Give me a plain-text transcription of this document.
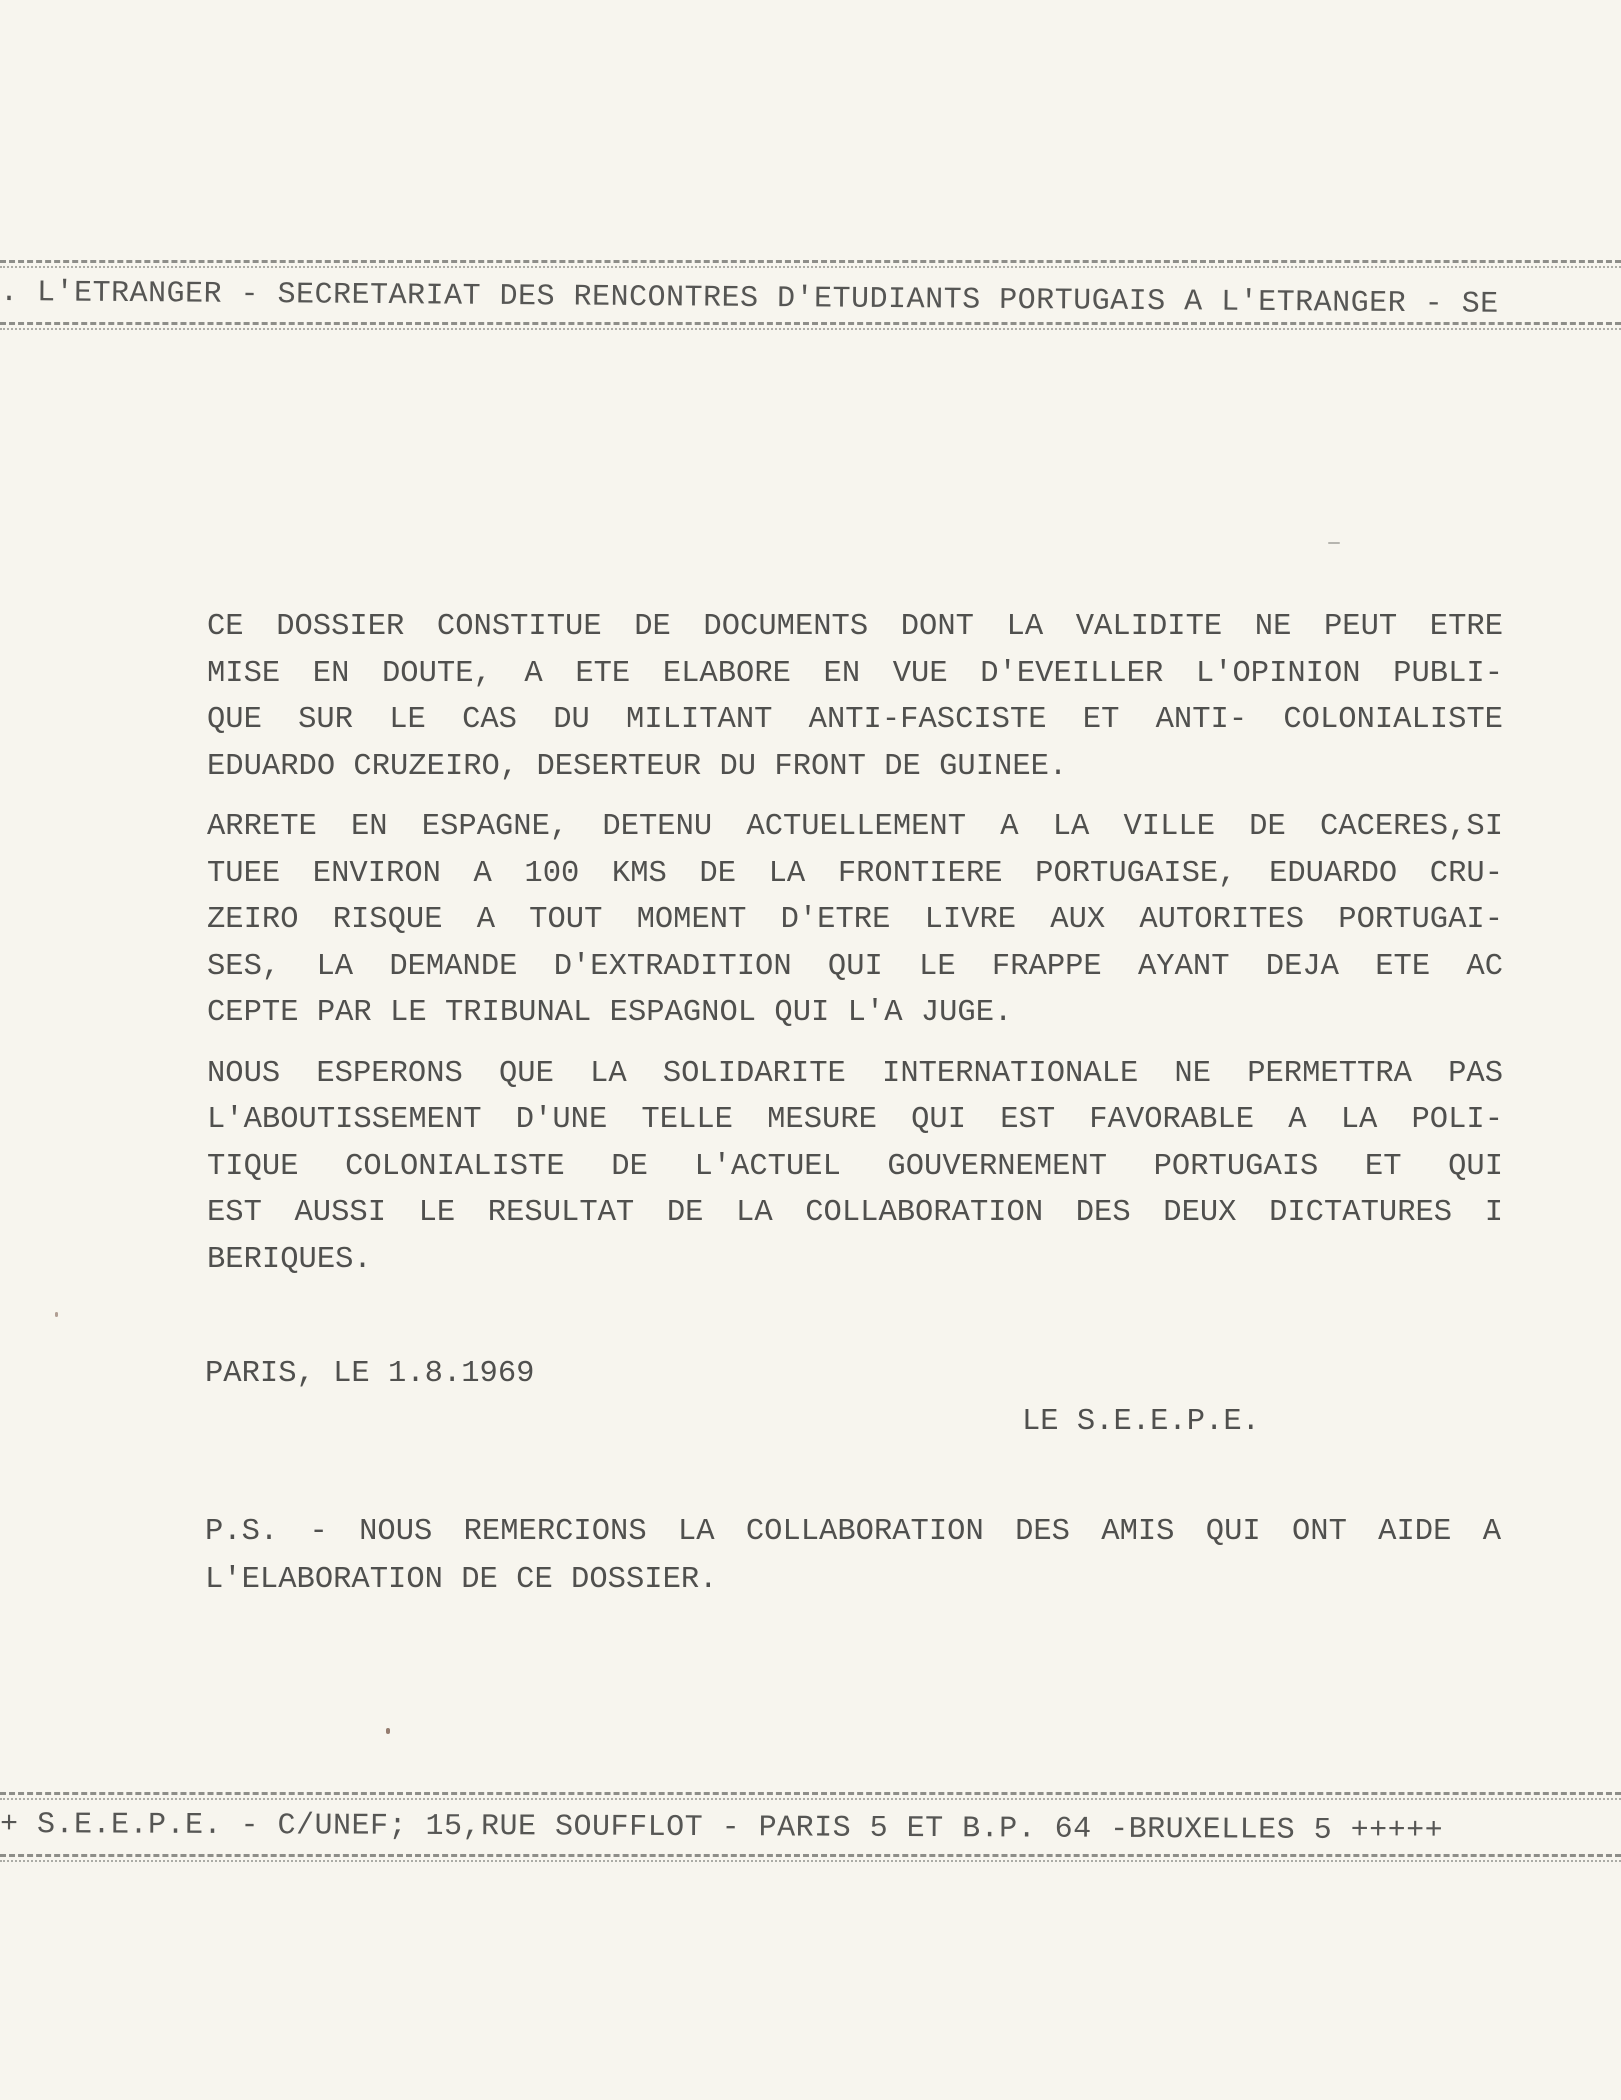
. L'ETRANGER - SECRETARIAT DES RENCONTRES D'ETUDIANTS PORTUGAIS A L'ETRANGER - SE
CE DOSSIER CONSTITUE DE DOCUMENTS DONT LA VALIDITE NE PEUT ETRE
MISE EN DOUTE, A ETE ELABORE EN VUE D'EVEILLER L'OPINION PUBLI-
QUE SUR LE CAS DU MILITANT ANTI-FASCISTE ET ANTI- COLONIALISTE
EDUARDO CRUZEIRO, DESERTEUR DU FRONT DE GUINEE.
ARRETE EN ESPAGNE, DETENU ACTUELLEMENT A LA VILLE DE CACERES,SI
TUEE ENVIRON A 100 KMS DE LA FRONTIERE PORTUGAISE, EDUARDO CRU-
ZEIRO RISQUE A TOUT MOMENT D'ETRE LIVRE AUX AUTORITES PORTUGAI-
SES, LA DEMANDE D'EXTRADITION QUI LE FRAPPE AYANT DEJA ETE AC
CEPTE PAR LE TRIBUNAL ESPAGNOL QUI L'A JUGE.
NOUS ESPERONS QUE LA SOLIDARITE INTERNATIONALE NE PERMETTRA PAS
L'ABOUTISSEMENT D'UNE TELLE MESURE QUI EST FAVORABLE A LA POLI-
TIQUE COLONIALISTE DE L'ACTUEL GOUVERNEMENT PORTUGAIS ET QUI
EST AUSSI LE RESULTAT DE LA COLLABORATION DES DEUX DICTATURES I
BERIQUES.
PARIS, LE 1.8.1969
LE S.E.E.P.E.
P.S. - NOUS REMERCIONS LA COLLABORATION DES AMIS QUI ONT AIDE A
L'ELABORATION DE CE DOSSIER.
+ S.E.E.P.E. - C/UNEF; 15,RUE SOUFFLOT - PARIS 5 ET B.P. 64 -BRUXELLES 5 +++++
